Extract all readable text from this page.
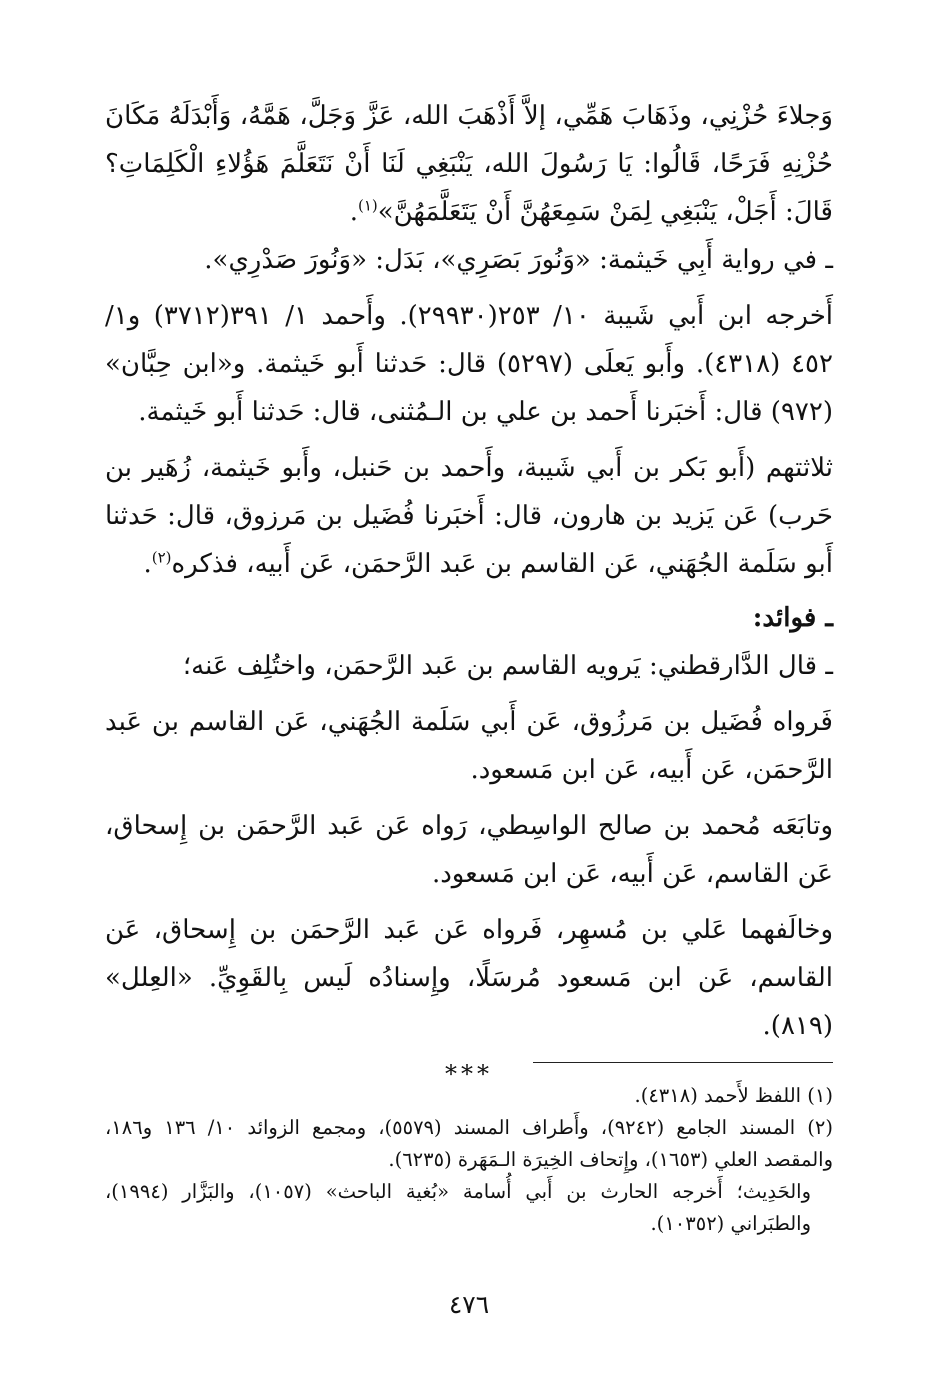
وَجلاءَ حُزْنِي، وذَهَابَ هَمِّي، إلاَّ أَذْهَبَ الله، عَزَّ وَجَلَّ، هَمَّهُ، وَأَبْدَلَهُ مَكَانَ حُزْنِهِ فَرَحًا، قَالُوا: يَا رَسُولَ الله، يَنْبَغِي لَنَا أَنْ نَتَعَلَّمَ هَؤُلاءِ الْكَلِمَاتِ؟ قَالَ: أَجَلْ، يَنْبَغِي لِمَنْ سَمِعَهُنَّ أَنْ يَتَعَلَّمَهُنَّ»$^{(١)}$.

ـ في رواية أَبِي خَيثمة: «وَنُورَ بَصَرِي»، بَدَل: «وَنُورَ صَدْرِي».

أَخرجه ابن أَبي شَيبة ١٠/ ٢٥٣(٢٩٩٣٠). وأَحمد ١/ ٣٩١(٣٧١٢) و١/ ٤٥٢ (٤٣١٨). وأَبو يَعلَى (٥٢٩٧) قال: حَدثنا أَبو خَيثمة. و«ابن حِبَّان» (٩٧٢) قال: أَخبَرنا أَحمد بن علي بن الـمُثنى، قال: حَدثنا أَبو خَيثمة.

ثلاثتهم (أَبو بَكر بن أَبي شَيبة، وأَحمد بن حَنبل، وأَبو خَيثمة، زُهَير بن حَرب) عَن يَزيد بن هارون، قال: أَخبَرنا فُضَيل بن مَرزوق، قال: حَدثنا أَبو سَلَمة الجُهَني، عَن القاسم بن عَبد الرَّحمَن، عَن أَبيه، فذكره$^{(٢)}$.

ـ فوائد:

ـ قال الدَّارقطني: يَرويه القاسم بن عَبد الرَّحمَن، واختُلِف عَنه؛

فَرواه فُضَيل بن مَرزُوق، عَن أَبي سَلَمة الجُهَني، عَن القاسم بن عَبد الرَّحمَن، عَن أَبيه، عَن ابن مَسعود.

وتابَعَه مُحمد بن صالح الواسِطي، رَواه عَن عَبد الرَّحمَن بن إِسحاق، عَن القاسم، عَن أَبيه، عَن ابن مَسعود.

وخالَفهما عَلي بن مُسهِر، فَرواه عَن عَبد الرَّحمَن بن إِسحاق، عَن القاسم، عَن ابن مَسعود مُرسَلًا، وإِسنادُه لَيس بِالقَوِيِّ. «العِلل» (٨١٩).

***

(١) اللفظ لأَحمد (٤٣١٨).

(٢) المسند الجامع (٩٢٤٢)، وأَطراف المسند (٥٥٧٩)، ومجمع الزوائد ١٠/ ١٣٦ و١٨٦، والمقصد العلي (١٦٥٣)، وإِتحاف الخِيرَة الـمَهَرة (٦٢٣٥).

والحَدِيث؛ أَخرجه الحارث بن أَبي أُسامة «بُغية الباحث» (١٠٥٧)، والبَزَّار (١٩٩٤)، والطبَراني (١٠٣٥٢).

٤٧٦
